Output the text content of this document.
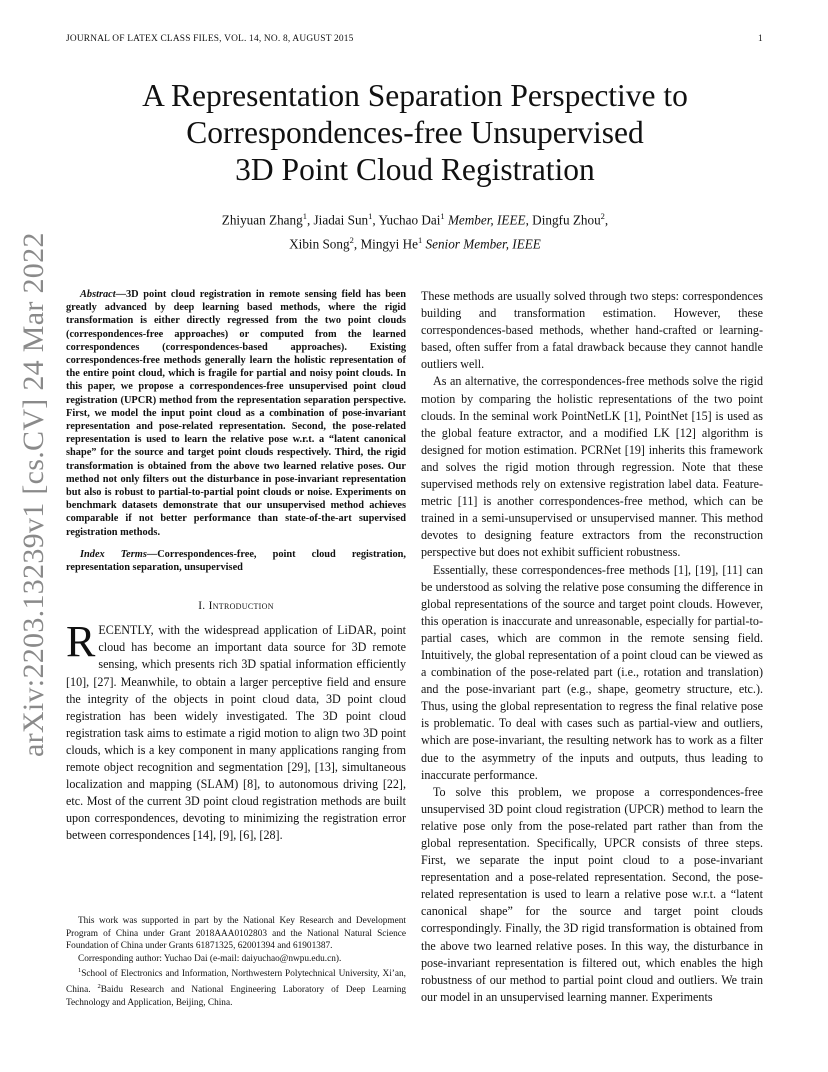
JOURNAL OF LATEX CLASS FILES, VOL. 14, NO. 8, AUGUST 2015	1
arXiv:2203.13239v1 [cs.CV] 24 Mar 2022
A Representation Separation Perspective to
Correspondences-free Unsupervised
3D Point Cloud Registration
Zhiyuan Zhang$^1$, Jiadai Sun$^1$, Yuchao Dai$^1$ Member, IEEE, Dingfu Zhou$^2$,
Xibin Song$^2$, Mingyi He$^1$ Senior Member, IEEE
Abstract—3D point cloud registration in remote sensing field has been greatly advanced by deep learning based methods, where the rigid transformation is either directly regressed from the two point clouds (correspondences-free approaches) or computed from the learned correspondences (correspondences-based approaches). Existing correspondences-free methods generally learn the holistic representation of the entire point cloud, which is fragile for partial and noisy point clouds. In this paper, we propose a correspondences-free unsupervised point cloud registration (UPCR) method from the representation separation perspective. First, we model the input point cloud as a combination of pose-invariant representation and pose-related representation. Second, the pose-related representation is used to learn the relative pose w.r.t. a “latent canonical shape” for the source and target point clouds respectively. Third, the rigid transformation is obtained from the above two learned relative poses. Our method not only filters out the disturbance in pose-invariant representation but also is robust to partial-to-partial point clouds or noise. Experiments on benchmark datasets demonstrate that our unsupervised method achieves comparable if not better performance than state-of-the-art supervised registration methods.
Index Terms—Correspondences-free, point cloud registration, representation separation, unsupervised
I. Introduction
RECENTLY, with the widespread application of LiDAR, point cloud has become an important data source for 3D remote sensing, which presents rich 3D spatial information efficiently [10], [27]. Meanwhile, to obtain a larger perceptive field and ensure the integrity of the objects in point cloud data, 3D point cloud registration has been widely investigated. The 3D point cloud registration task aims to estimate a rigid motion to align two 3D point clouds, which is a key component in many applications ranging from remote object recognition and segmentation [29], [13], simultaneous localization and mapping (SLAM) [8], to autonomous driving [22], etc. Most of the current 3D point cloud registration methods are built upon correspondences, devoting to minimizing the registration error between correspondences [14], [9], [6], [28].

This work was supported in part by the National Key Research and Development Program of China under Grant 2018AAA0102803 and the National Natural Science Foundation of China under Grants 61871325, 62001394 and 61901387.

Corresponding author: Yuchao Dai (e-mail: daiyuchao@nwpu.edu.cn).

$^1$School of Electronics and Information, Northwestern Polytechnical University, Xi’an, China. $^2$Baidu Research and National Engineering Laboratory of Deep Learning Technology and Application, Beijing, China.

These methods are usually solved through two steps: correspondences building and transformation estimation. However, these correspondences-based methods, whether hand-crafted or learning-based, often suffer from a fatal drawback because they cannot handle outliers well.

As an alternative, the correspondences-free methods solve the rigid motion by comparing the holistic representations of the two point clouds. In the seminal work PointNetLK [1], PointNet [15] is used as the global feature extractor, and a modified LK [12] algorithm is designed for motion estimation. PCRNet [19] inherits this framework and solves the rigid motion through regression. Note that these supervised methods rely on extensive registration label data. Feature-metric [11] is another correspondences-free method, which can be trained in a semi-unsupervised or unsupervised manner. This method devotes to designing feature extractors from the reconstruction perspective but does not exhibit sufficient robustness.

Essentially, these correspondences-free methods [1], [19], [11] can be understood as solving the relative pose consuming the difference in global representations of the source and target point clouds. However, this operation is inaccurate and unreasonable, especially for partial-to-partial cases, which are common in the remote sensing field. Intuitively, the global representation of a point cloud can be viewed as a combination of the pose-related part (i.e., rotation and translation) and the pose-invariant part (e.g., shape, geometry structure, etc.). Thus, using the global representation to regress the final relative pose is problematic. To deal with cases such as partial-view and outliers, which are pose-invariant, the resulting network has to work as a filter due to the asymmetry of the inputs and outputs, thus leading to inaccurate performance.

To solve this problem, we propose a correspondences-free unsupervised 3D point cloud registration (UPCR) method to learn the relative pose only from the pose-related part rather than from the global representation. Specifically, UPCR consists of three steps. First, we separate the input point cloud to a pose-invariant representation and a pose-related representation. Second, the pose-related representation is used to learn a relative pose w.r.t. a “latent canonical shape” for the source and target point clouds correspondingly. Finally, the 3D rigid transformation is obtained from the above two learned relative poses. In this way, the disturbance in pose-invariant representation is filtered out, which enables the high robustness of our method to partial point cloud and outliers. We train our model in an unsupervised learning manner. Experiments
